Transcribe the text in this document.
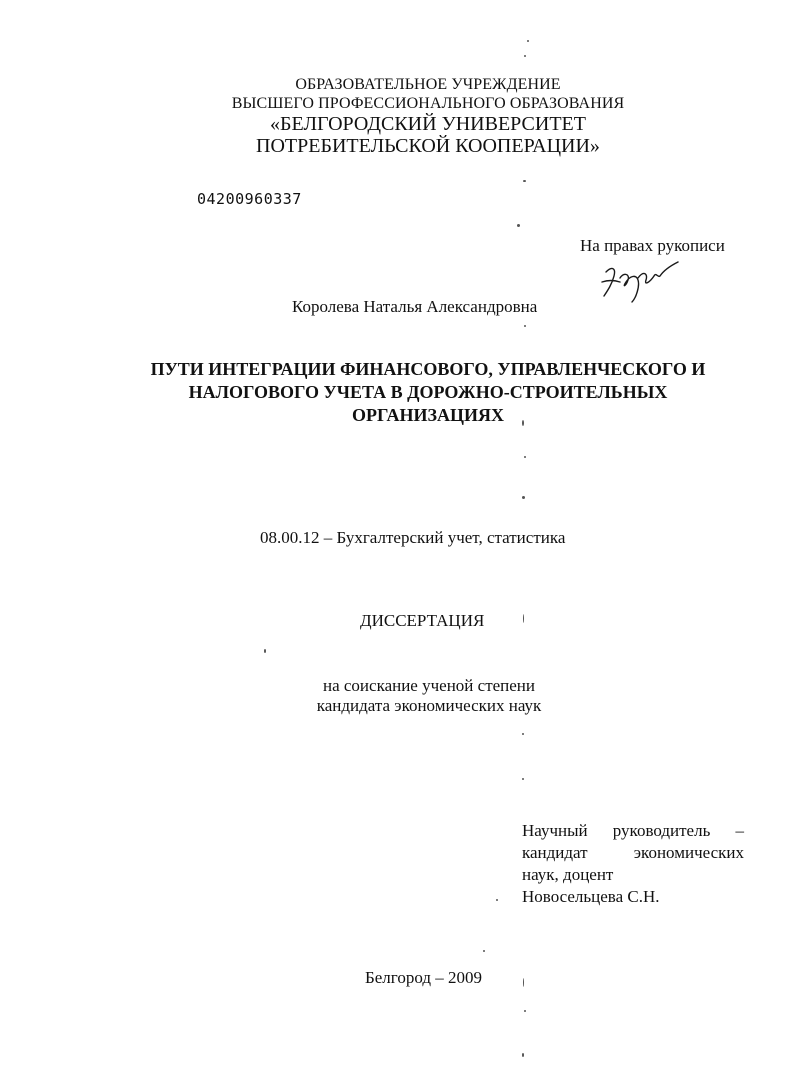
ОБРАЗОВАТЕЛЬНОЕ УЧРЕЖДЕНИЕ
ВЫСШЕГО ПРОФЕССИОНАЛЬНОГО ОБРАЗОВАНИЯ
«БЕЛГОРОДСКИЙ УНИВЕРСИТЕТ
ПОТРЕБИТЕЛЬСКОЙ КООПЕРАЦИИ»
04200960337
На правах рукописи
Королева Наталья Александровна
ПУТИ ИНТЕГРАЦИИ ФИНАНСОВОГО, УПРАВЛЕНЧЕСКОГО И
НАЛОГОВОГО УЧЕТА В ДОРОЖНО-СТРОИТЕЛЬНЫХ
ОРГАНИЗАЦИЯХ
08.00.12 – Бухгалтерский учет, статистика
ДИССЕРТАЦИЯ
на соискание ученой степени
кандидата экономических наук
Научный руководитель –
кандидат	экономических
наук, доцент
Новосельцева С.Н.
Белгород – 2009
